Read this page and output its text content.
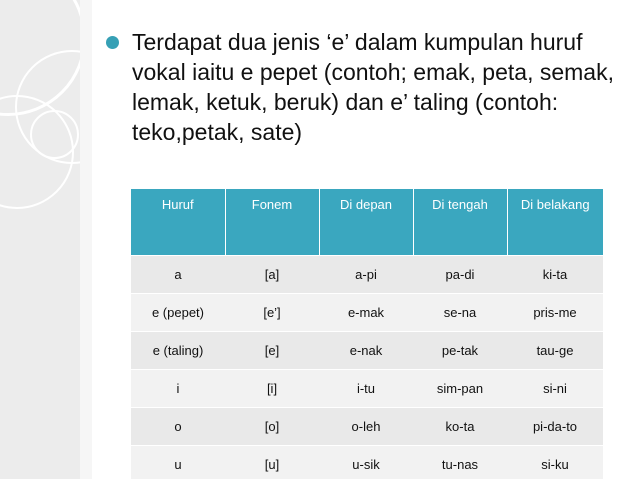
Terdapat dua jenis ‘e’ dalam kumpulan huruf vokal iaitu e pepet (contoh; emak, peta, semak, lemak, ketuk, beruk) dan e’ taling (contoh: teko,petak, sate)

Huruf	Fonem	Di depan	Di tengah	Di belakang
a	[a]	a-pi	pa-di	ki-ta
e (pepet)	[e’]	e-mak	se-na	pris-me
e (taling)	[e]	e-nak	pe-tak	tau-ge
i	[i]	i-tu	sim-pan	si-ni
o	[o]	o-leh	ko-ta	pi-da-to
u	[u]	u-sik	tu-nas	si-ku
